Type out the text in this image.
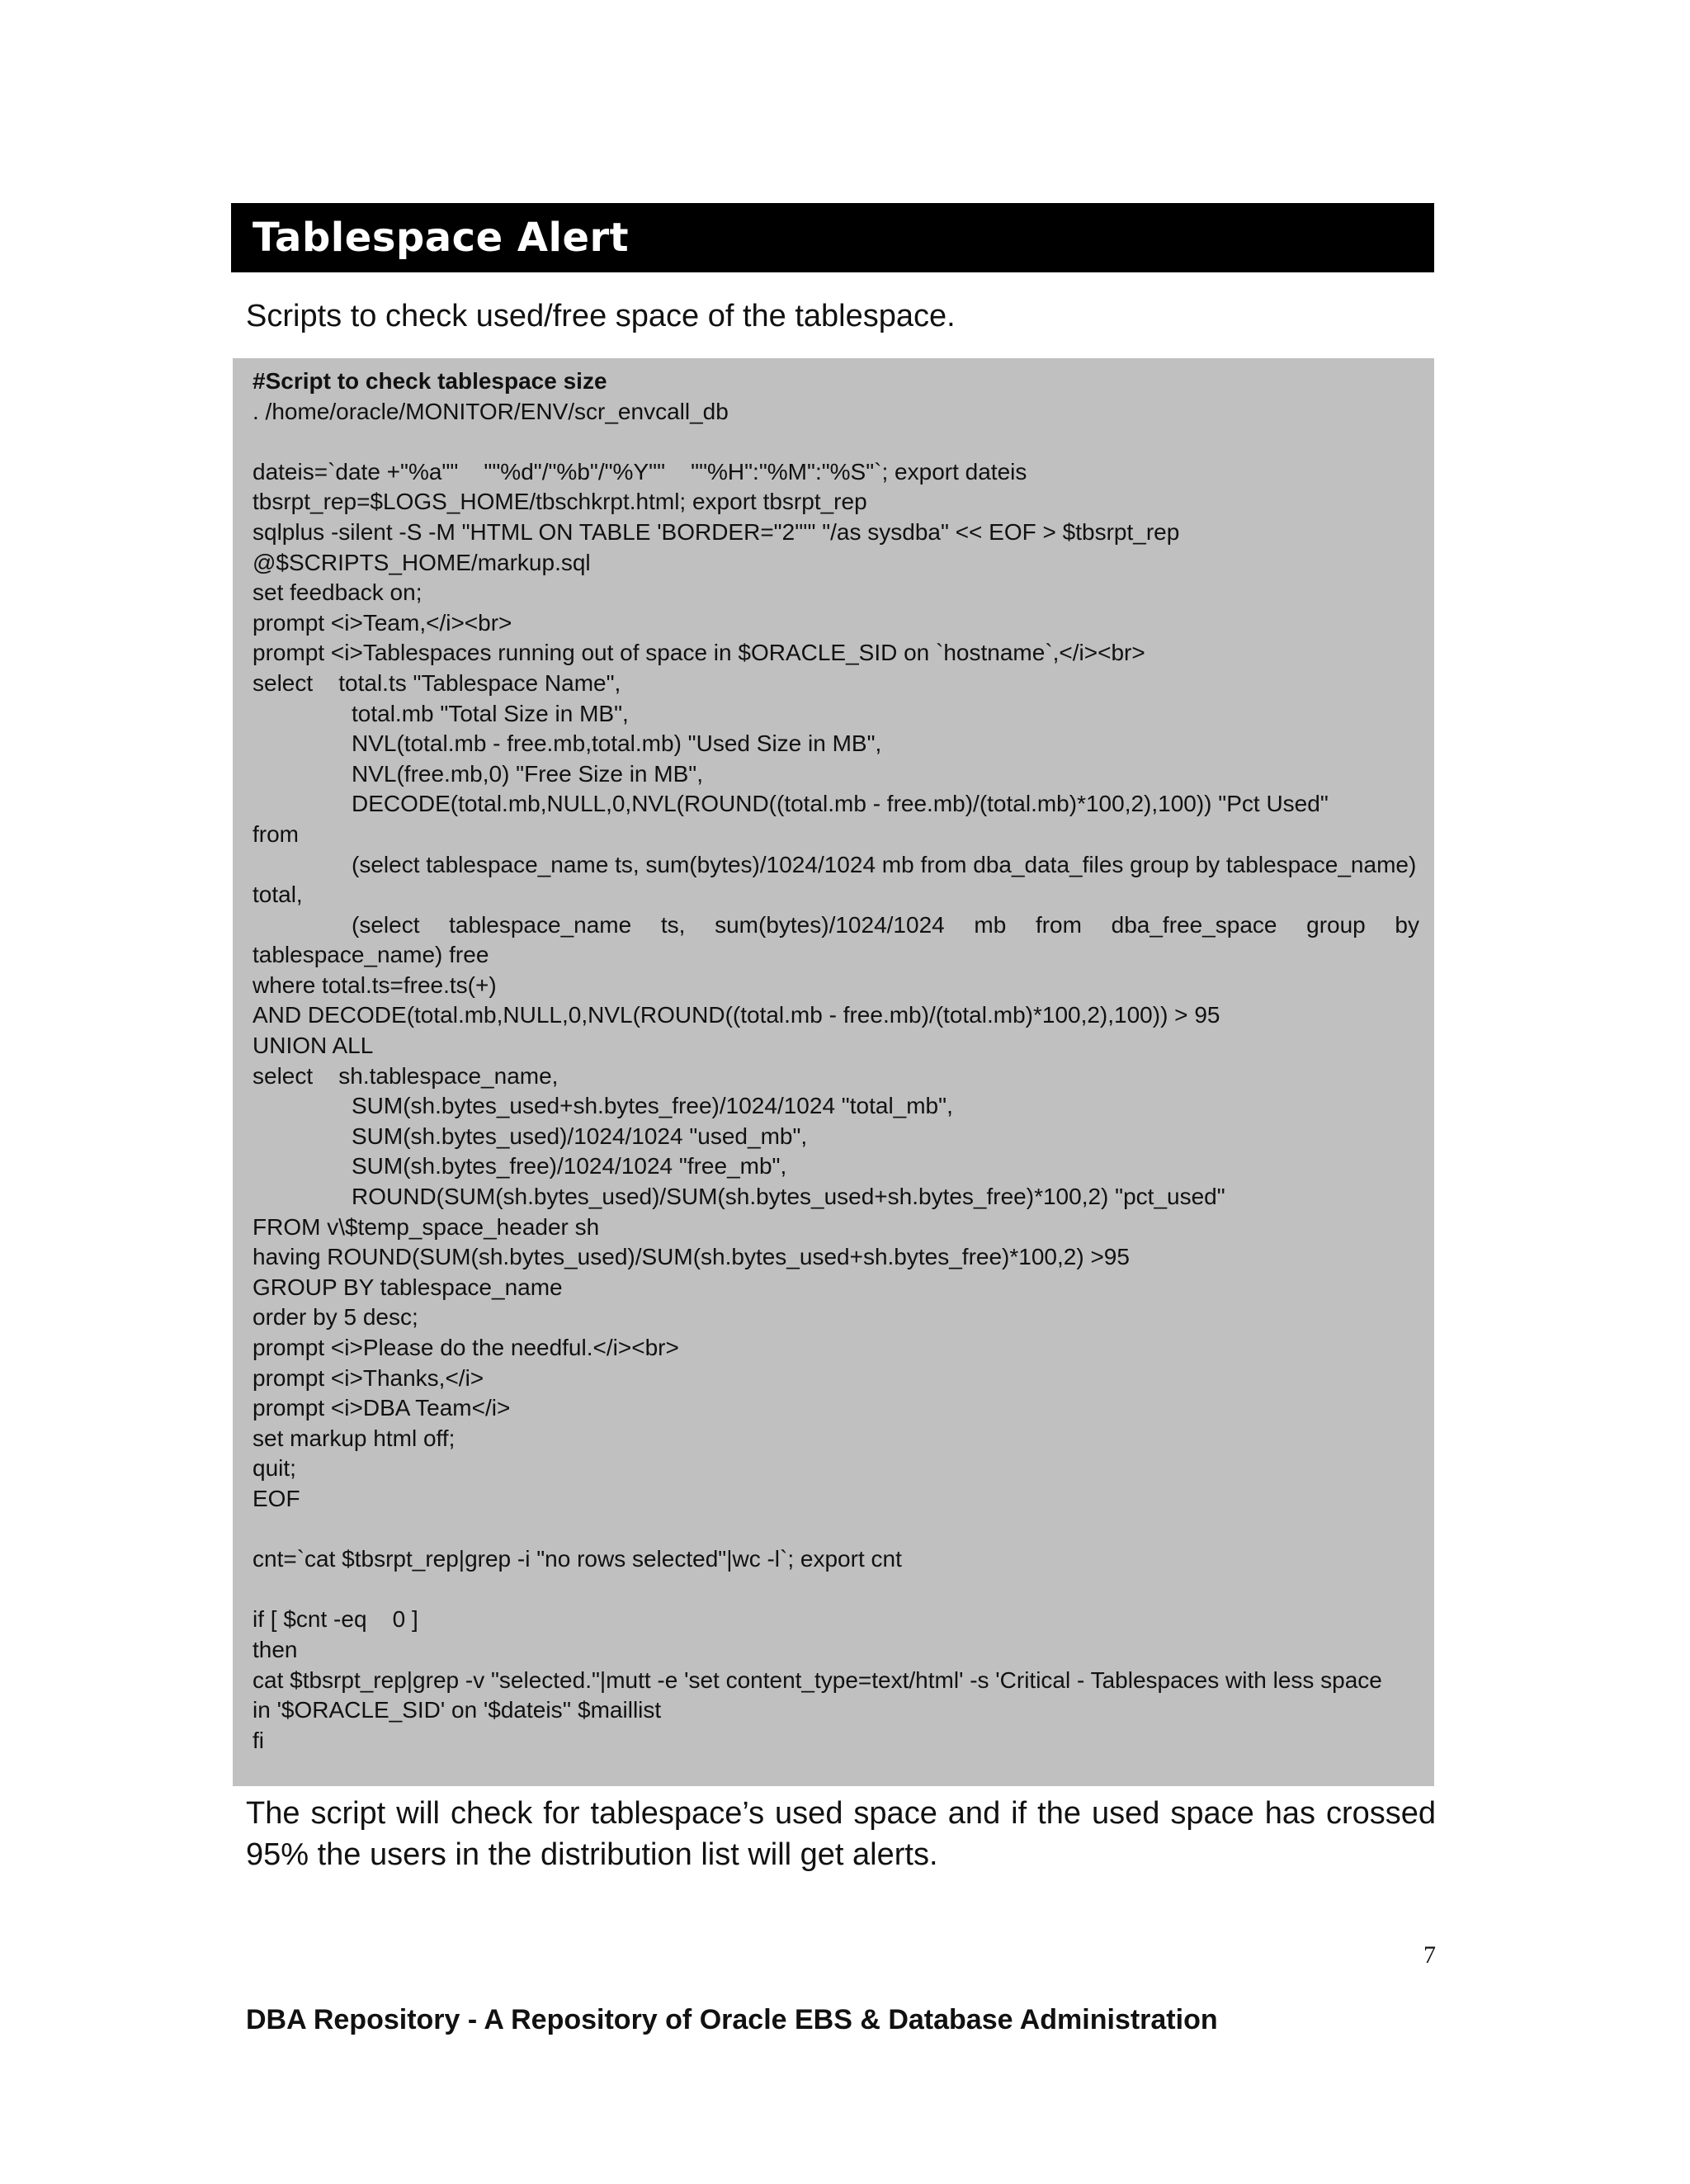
Tablespace Alert

Scripts to check used/free space of the tablespace.

#Script to check tablespace size
. /home/oracle/MONITOR/ENV/scr_envcall_db
dateis=`date +"%a""    ""%d"/"%b"/"%Y""    ""%H":"%M":"%S"`; export dateis
tbsrpt_rep=$LOGS_HOME/tbschkrpt.html; export tbsrpt_rep
sqlplus -silent -S -M "HTML ON TABLE 'BORDER="2"'" "/as sysdba" << EOF > $tbsrpt_rep
@$SCRIPTS_HOME/markup.sql
set feedback on;
prompt <i>Team,</i><br>
prompt <i>Tablespaces running out of space in $ORACLE_SID on `hostname`,</i><br>
select    total.ts "Tablespace Name",
total.mb "Total Size in MB",
NVL(total.mb - free.mb,total.mb) "Used Size in MB",
NVL(free.mb,0) "Free Size in MB",
DECODE(total.mb,NULL,0,NVL(ROUND((total.mb - free.mb)/(total.mb)*100,2),100)) "Pct Used"
from
(select tablespace_name ts, sum(bytes)/1024/1024 mb from dba_data_files group by tablespace_name)
total,
(select tablespace_name ts, sum(bytes)/1024/1024 mb from dba_free_space group by
tablespace_name) free
where total.ts=free.ts(+)
AND DECODE(total.mb,NULL,0,NVL(ROUND((total.mb - free.mb)/(total.mb)*100,2),100)) > 95
UNION ALL
select    sh.tablespace_name,
SUM(sh.bytes_used+sh.bytes_free)/1024/1024 "total_mb",
SUM(sh.bytes_used)/1024/1024 "used_mb",
SUM(sh.bytes_free)/1024/1024 "free_mb",
ROUND(SUM(sh.bytes_used)/SUM(sh.bytes_used+sh.bytes_free)*100,2) "pct_used"
FROM v\$temp_space_header sh
having ROUND(SUM(sh.bytes_used)/SUM(sh.bytes_used+sh.bytes_free)*100,2) >95
GROUP BY tablespace_name
order by 5 desc;
prompt <i>Please do the needful.</i><br>
prompt <i>Thanks,</i>
prompt <i>DBA Team</i>
set markup html off;
quit;
EOF
cnt=`cat $tbsrpt_rep|grep -i "no rows selected"|wc -l`; export cnt
if [ $cnt -eq    0 ]
then
cat $tbsrpt_rep|grep -v "selected."|mutt -e 'set content_type=text/html' -s 'Critical - Tablespaces with less space
in '$ORACLE_SID' on '$dateis'' $maillist
fi

The script will check for tablespace’s used space and if the used space has crossed 95% the users in the distribution list will get alerts.

7

DBA Repository - A Repository of Oracle EBS & Database Administration
